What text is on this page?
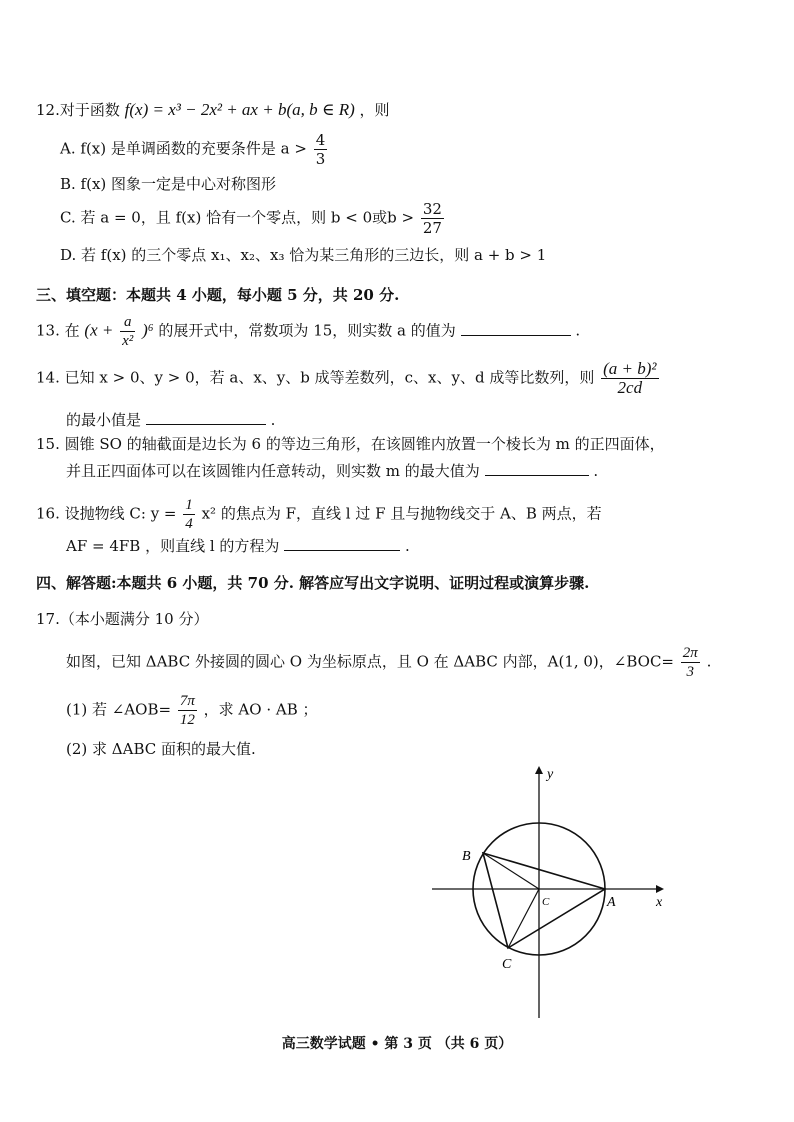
12.对于函数 f(x) = x³ − 2x² + ax + b(a, b ∈ R) ，则
A. f(x) 是单调函数的充要条件是 $a > \frac{4}{3}$
B. f(x) 图象一定是中心对称图形
C. 若 a = 0，且 f(x) 恰有一个零点，则 b < 0或$b > \frac{32}{27}$
D. 若 f(x) 的三个零点 x₁、x₂、x₃ 恰为某三角形的三边长，则 a + b > 1
三、填空题：本题共 4 小题，每小题 5 分，共 20 分.
13. 在 $(x + \frac{a}{\text{x²}} )^6$ 的展开式中，常数项为 15，则实数 a 的值为	.
14. 已知 x > 0、y > 0，若 a、x、y、b 成等差数列，c、x、y、d 成等比数列，则 $\frac{\text{(a + b)²}}{2cd}$
的最小值是	.
15. 圆锥 SO 的轴截面是边长为 6 的等边三角形，在该圆锥内放置一个棱长为 m 的正四面体，
并且正四面体可以在该圆锥内任意转动，则实数 m 的最大值为	.
16. 设抛物线 C: $y = \frac{1}{4} x^2$ 的焦点为 F，直线 l 过 F 且与抛物线交于 A、B 两点，若
AF = 4FB ，则直线 l 的方程为	.
四、解答题:本题共 6 小题，共 70 分. 解答应写出文字说明、证明过程或演算步骤.
17.（本小题满分 10 分）
如图，已知 ΔABC 外接圆的圆心 O 为坐标原点，且 O 在 ΔABC 内部，A(1, 0)，∠BOC= $\frac{2\pi}{3}$ .
(1) 若 ∠AOB= $\frac{7\pi}{12}$ ，求 AO · AB ；
(2) 求 ΔABC 面积的最大值.
y
x
A
B
C
C
高三数学试题 • 第 3 页 （共 6 页）
